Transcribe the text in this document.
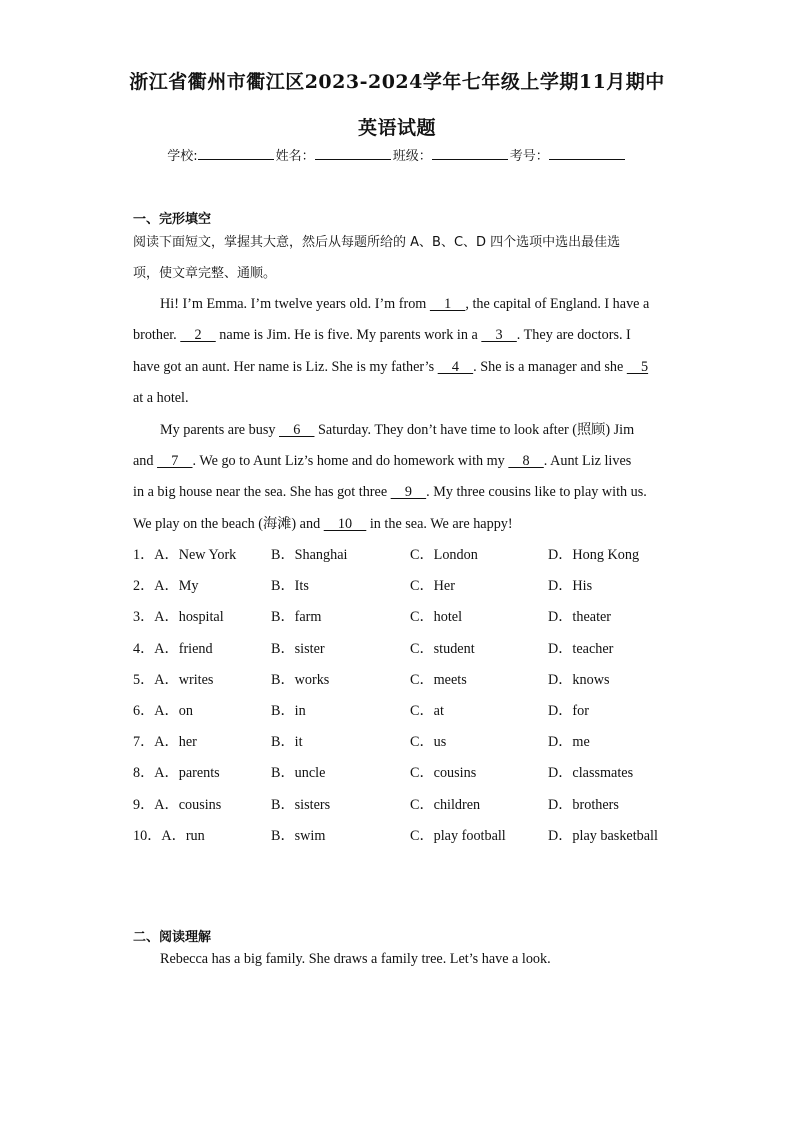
浙江省衢州市衢江区2023-2024学年七年级上学期11月期中
英语试题
学校:	姓名：	班级：	考号：
一、完形填空
阅读下面短文，掌握其大意，然后从每题所给的 A、B、C、D 四个选项中选出最佳选
项，使文章完整、通顺。
Hi! I’m Emma. I’m twelve years old. I’m from     1    , the capital of England. I have a
brother.     2     name is Jim. He is five. My parents work in a     3    . They are doctors. I
have got an aunt. Her name is Liz. She is my father’s     4    . She is a manager and she     5
at a hotel.
My parents are busy     6     Saturday. They don’t have time to look after (照顾) Jim
and     7    . We go to Aunt Liz’s home and do homework with my     8    . Aunt Liz lives
in a big house near the sea. She has got three     9    . My three cousins like to play with us.
We play on the beach (海滩) and     10     in the sea. We are happy!
1．A．New York B．Shanghai	C．London	D．Hong Kong
2．A．My	B．Its	C．Her	D．His
3．A．hospital	B．farm	C．hotel	D．theater
4．A．friend	B．sister	C．student	D．teacher
5．A．writes	B．works	C．meets	D．knows
6．A．on	B．in	C．at	D．for
7．A．her	B．it	C．us	D．me
8．A．parents	B．uncle	C．cousins	D．classmates
9．A．cousins	B．sisters	C．children	D．brothers
10．A．run	B．swim	C．play football	D．play basketball
二、阅读理解
Rebecca has a big family. She draws a family tree. Let’s have a look.
